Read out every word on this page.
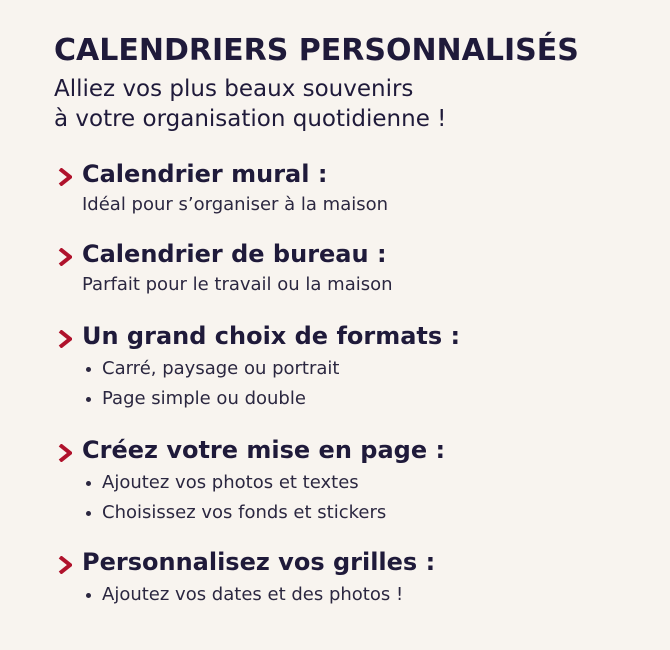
CALENDRIERS PERSONNALISÉS
Alliez vos plus beaux souvenirs
à votre organisation quotidienne !
Calendrier mural :
Idéal pour s’organiser à la maison
Calendrier de bureau :
Parfait pour le travail ou la maison
Un grand choix de formats :
Carré, paysage ou portrait
Page simple ou double
Créez votre mise en page :
Ajoutez vos photos et textes
Choisissez vos fonds et stickers
Personnalisez vos grilles :
Ajoutez vos dates et des photos !
